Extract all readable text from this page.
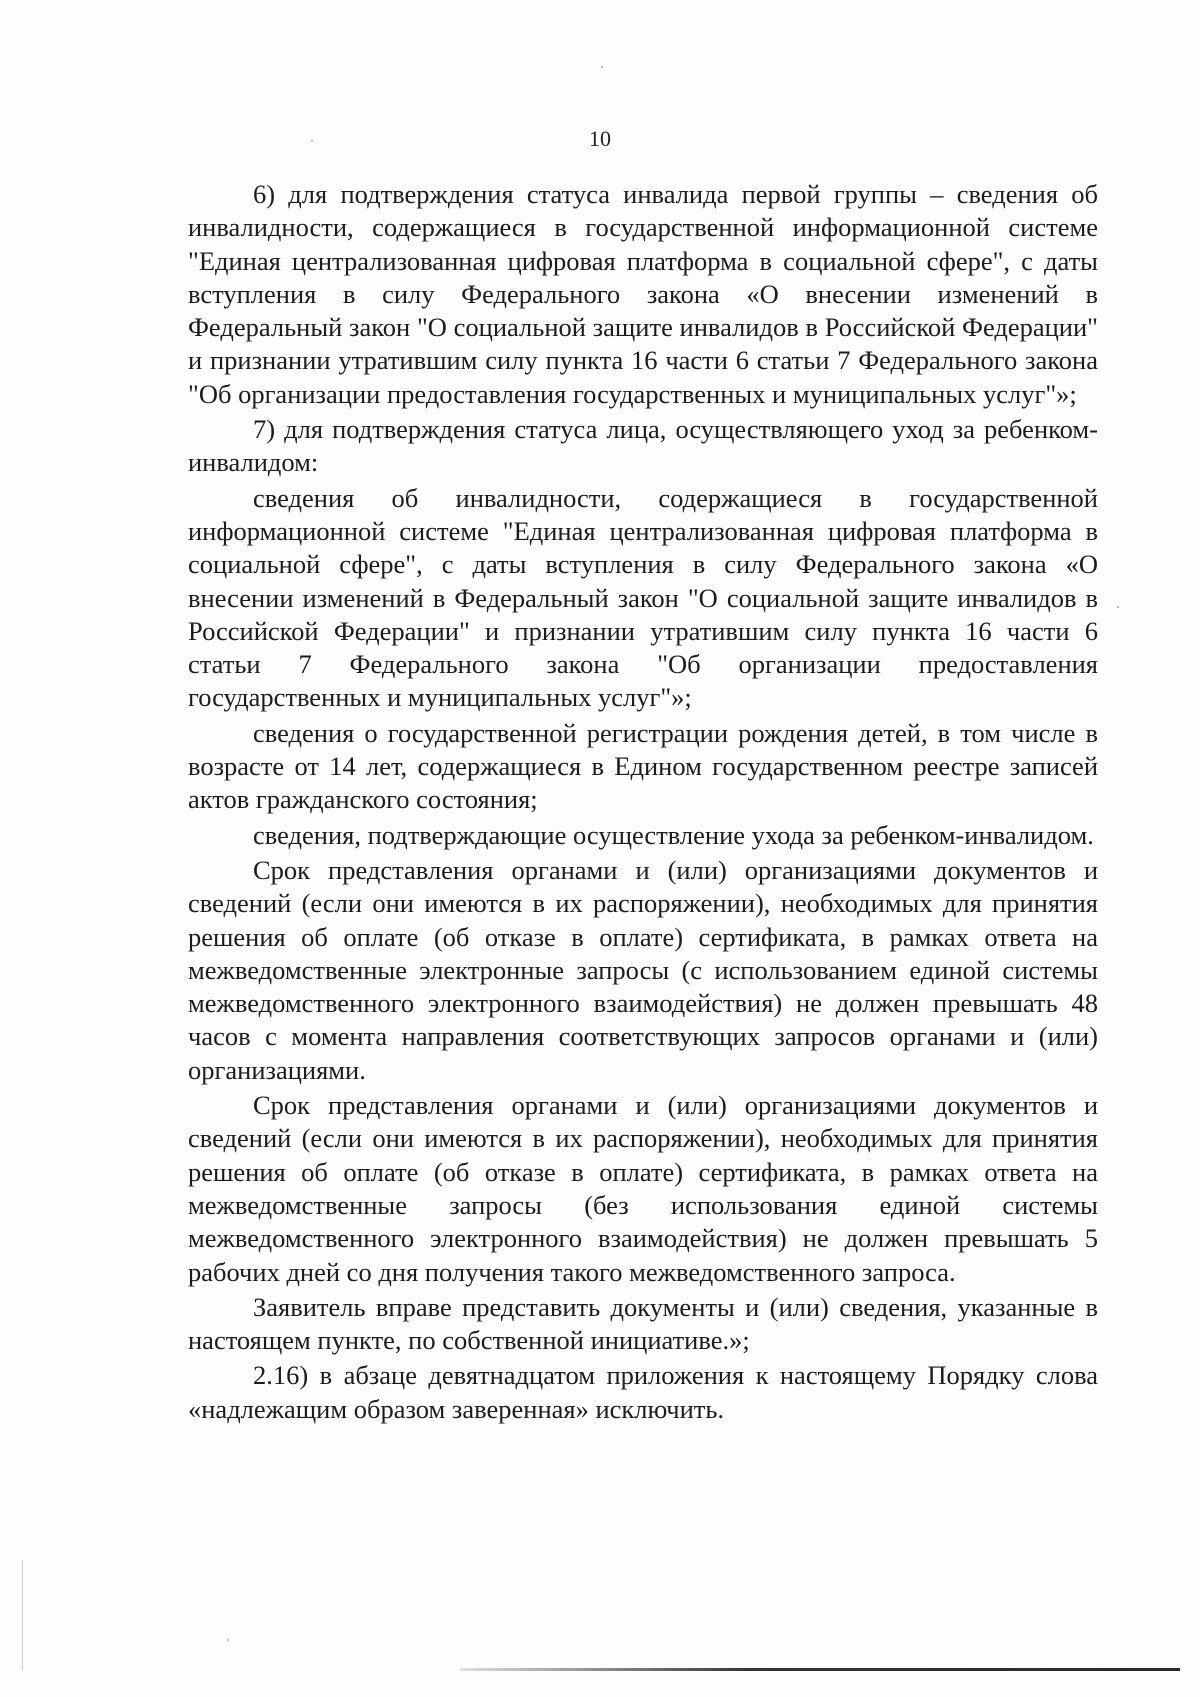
10

6) для подтверждения статуса инвалида первой группы – сведения об инвалидности, содержащиеся в государственной информационной системе "Единая централизованная цифровая платформа в социальной сфере", с даты вступления в силу Федерального закона «О внесении изменений в Федеральный закон "О социальной защите инвалидов в Российской Федерации" и признании утратившим силу пункта 16 части 6 статьи 7 Федерального закона "Об организации предоставления государственных и муниципальных услуг"»;

7) для подтверждения статуса лица, осуществляющего уход за ребенком-инвалидом:

сведения об инвалидности, содержащиеся в государственной информационной системе "Единая централизованная цифровая платформа в социальной сфере", с даты вступления в силу Федерального закона «О внесении изменений в Федеральный закон "О социальной защите инвалидов в Российской Федерации" и признании утратившим силу пункта 16 части 6 статьи 7 Федерального закона "Об организации предоставления государственных и муниципальных услуг"»;

сведения о государственной регистрации рождения детей, в том числе в возрасте от 14 лет, содержащиеся в Едином государственном реестре записей актов гражданского состояния;

сведения, подтверждающие осуществление ухода за ребенком-инвалидом.

Срок представления органами и (или) организациями документов и сведений (если они имеются в их распоряжении), необходимых для принятия решения об оплате (об отказе в оплате) сертификата, в рамках ответа на межведомственные электронные запросы (с использованием единой системы межведомственного электронного взаимодействия) не должен превышать 48 часов с момента направления соответствующих запросов органами и (или) организациями.

Срок представления органами и (или) организациями документов и сведений (если они имеются в их распоряжении), необходимых для принятия решения об оплате (об отказе в оплате) сертификата, в рамках ответа на межведомственные запросы (без использования единой системы межведомственного электронного взаимодействия) не должен превышать 5 рабочих дней со дня получения такого межведомственного запроса.

Заявитель вправе представить документы и (или) сведения, указанные в настоящем пункте, по собственной инициативе.»;

2.16) в абзаце девятнадцатом приложения к настоящему Порядку слова «надлежащим образом заверенная» исключить.
